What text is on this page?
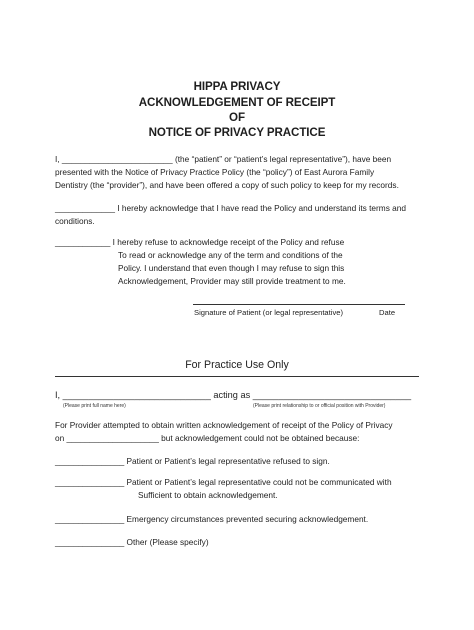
HIPPA PRIVACY
ACKNOWLEDGEMENT OF RECEIPT
OF
NOTICE OF PRIVACY PRACTICE
I, ________________________ (the “patient” or “patient’s legal representative”), have been
presented with the Notice of Privacy Practice Policy (the “policy”) of East Aurora Family
Dentistry (the “provider”), and have been offered a copy of such policy to keep for my records.
_____________ I hereby acknowledge that I have read the Policy and understand its terms and
conditions.
____________ I hereby refuse to acknowledge receipt of the Policy and refuse
To read or acknowledge any of the term and conditions of the
Policy. I understand that even though I may refuse to sign this
Acknowledgement, Provider may still provide treatment to me.
Signature of Patient (or legal representative)	Date
For Practice Use Only
I, _____________________________ acting as _______________________________
(Please print full name here)	(Please print relationship to or official position with Provider)
For Provider attempted to obtain written acknowledgement of receipt of the Policy of Privacy
on ____________________ but acknowledgement could not be obtained because:
_______________ Patient or Patient’s legal representative refused to sign.
_______________ Patient or Patient’s legal representative could not be communicated with
Sufficient to obtain acknowledgement.
_______________ Emergency circumstances prevented securing acknowledgement.
_______________ Other (Please specify)
